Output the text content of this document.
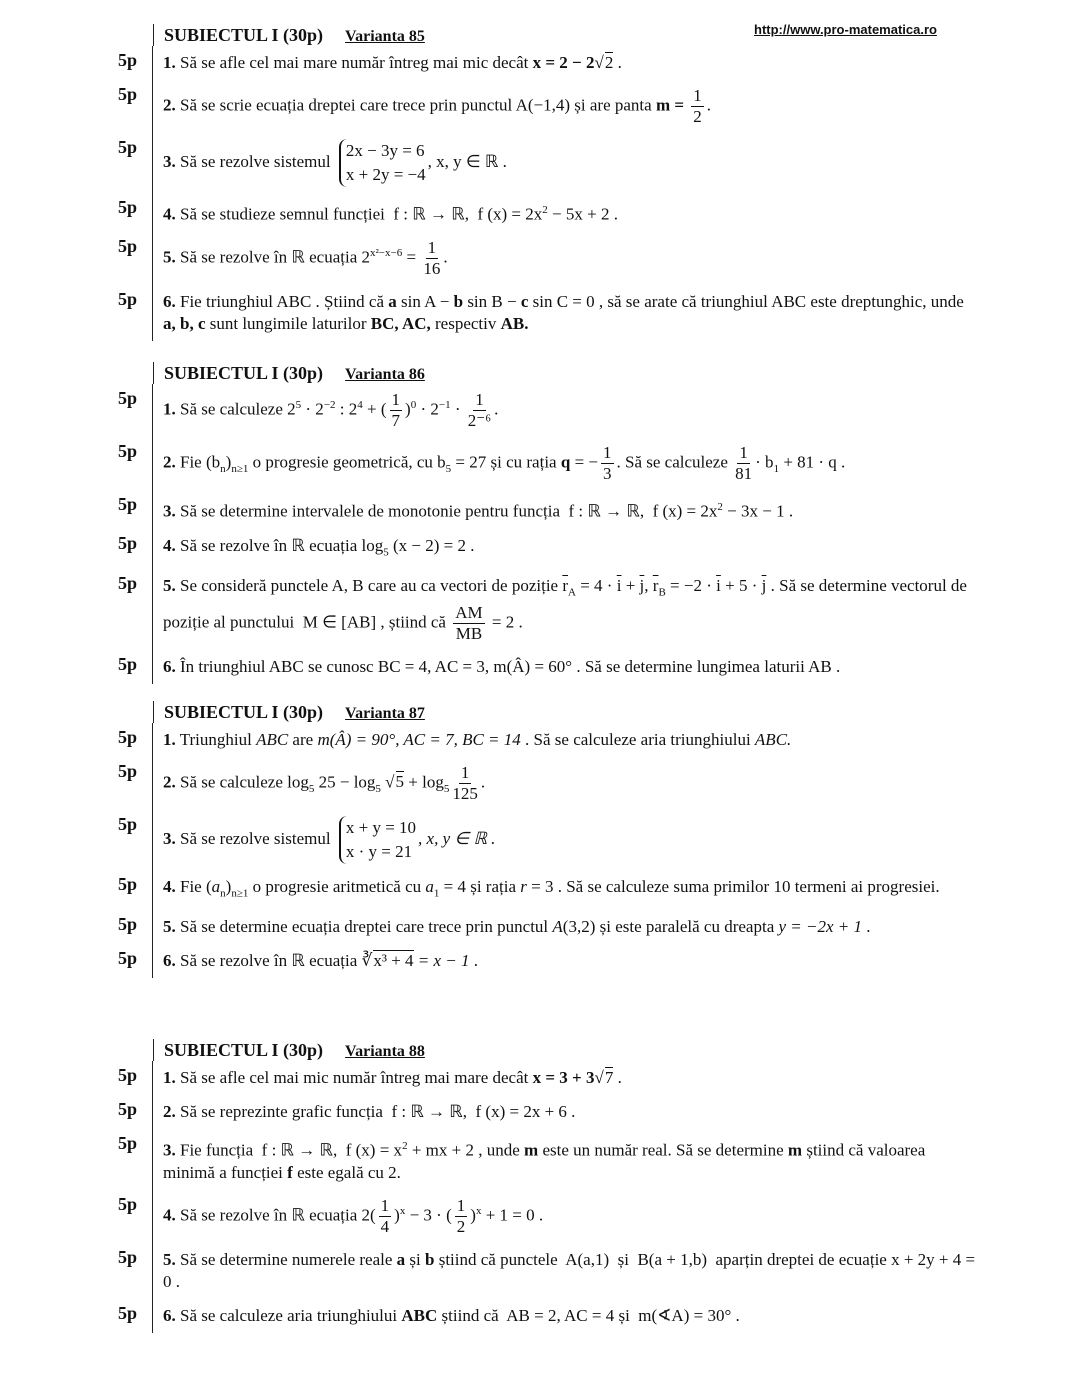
http://www.pro-matematica.ro
SUBIECTUL I (30p) Varianta 85
5p	1. Să se afle cel mai mare număr întreg mai mic decât x = 2 − 2√2 .
5p
2. Să se scrie ecuația dreptei care trece prin punctul A(−1,4) și are panta $m = \frac{1}{2}$ .
5p
3. Să se rezolve sistemul
2x − 3y = 6
x + 2y = −4
, x, y ∈ ℝ .
5p	4. Să se studieze semnul funcției  f : ℝ → ℝ,  f $(x) = 2x^2 - 5x + 2$ .
5p
5. Să se rezolve în ℝ ecuația $2^{x^2-x-6} = \frac{1}{16}$ .
5p	6. Fie triunghiul ABC . Știind că a sin A − b sin B − c sin C = 0 , să se arate că triunghiul ABC este dreptunghic, unde a, b, c sunt lungimile laturilor BC, AC, respectiv AB.
SUBIECTUL I (30p) Varianta 86
5p
1. Să se calculeze $2^5 \cdot 2^{-2}$ : $2^4$ + ( $\frac{1}{7} )^0 \cdot 2^{-1} \cdot \frac{1}{\text{2⁻⁶}}$ .
5p
2. Fie $(b_n)_{n\ge 1}$ o progresie geometrică, cu $b_5 = 27$ și cu rația q = − $\frac{1}{3}$ . Să se calculeze $\frac{1}{81} \cdot b_1 + 81 \cdot q$ .
5p	3. Să se determine intervalele de monotonie pentru funcția  f : ℝ → ℝ,  f $(x) = 2x^2 - 3x - 1$ .
5p	4. Să se rezolve în ℝ ecuația $\log_5 (x - 2) = 2$ .
5p	5. Se consideră punctele A, B care au ca vectori de poziție $\overline{r}_A = 4 \cdot \overline{i} + \overline{j}$, $\overline{r}_B = -2 \cdot \overline{i} + 5 \cdot \overline{j}$ . Să se determine vectorul de poziție al punctului  M ∈ [AB] , știind că $\frac{AM}{MB} = 2$ .
5p	6. În triunghiul ABC se cunosc BC = 4, AC = 3, m(Â) = 60° . Să se determine lungimea laturii AB .
SUBIECTUL I (30p) Varianta 87
5p	1. Triunghiul ABC are m(Â) = 90°, AC = 7, BC = 14 . Să se calculeze aria triunghiului ABC.
5p
2. Să se calculeze $\log_5 25 - \log_5 √5 + \log_5 \frac{1}{125}$ .
5p
3. Să se rezolve sistemul
x + y = 10
x · y = 21
, x, y ∈ ℝ .
5p	4. Fie $(a_n)_{n\ge 1}$ o progresie aritmetică cu $a_1 = 4$ și rația r = 3 . Să se calculeze suma primilor 10 termeni ai progresiei.
5p	5. Să se determine ecuația dreptei care trece prin punctul A(3,2) și este paralelă cu dreapta y = −2x + 1 .
5p	6. Să se rezolve în ℝ ecuația ∛x³ + 4 = x − 1 .
SUBIECTUL I (30p) Varianta 88
5p	1. Să se afle cel mai mic număr întreg mai mare decât x = 3 + 3√7 .
5p	2. Să se reprezinte grafic funcția  f : ℝ → ℝ,  f (x) = 2x + 6 .
5p	3. Fie funcția  f : ℝ → ℝ,  f $(x) = x^2$ + mx + 2 , unde m este un număr real. Să se determine m știind că valoarea minimă a funcției f este egală cu 2.
5p
4. Să se rezolve în ℝ ecuația $2( \frac{1}{4} )^x - 3$ · ( $\frac{1}{2} )^x + 1 = 0$ .
5p	5. Să se determine numerele reale a și b știind că punctele  A(a,1)  și  B(a + 1,b)  aparțin dreptei de ecuație x + 2y + 4 = 0 .
5p	6. Să se calculeze aria triunghiului ABC știind că  AB = 2, AC = 4 și  m(∢A) = 30° .
